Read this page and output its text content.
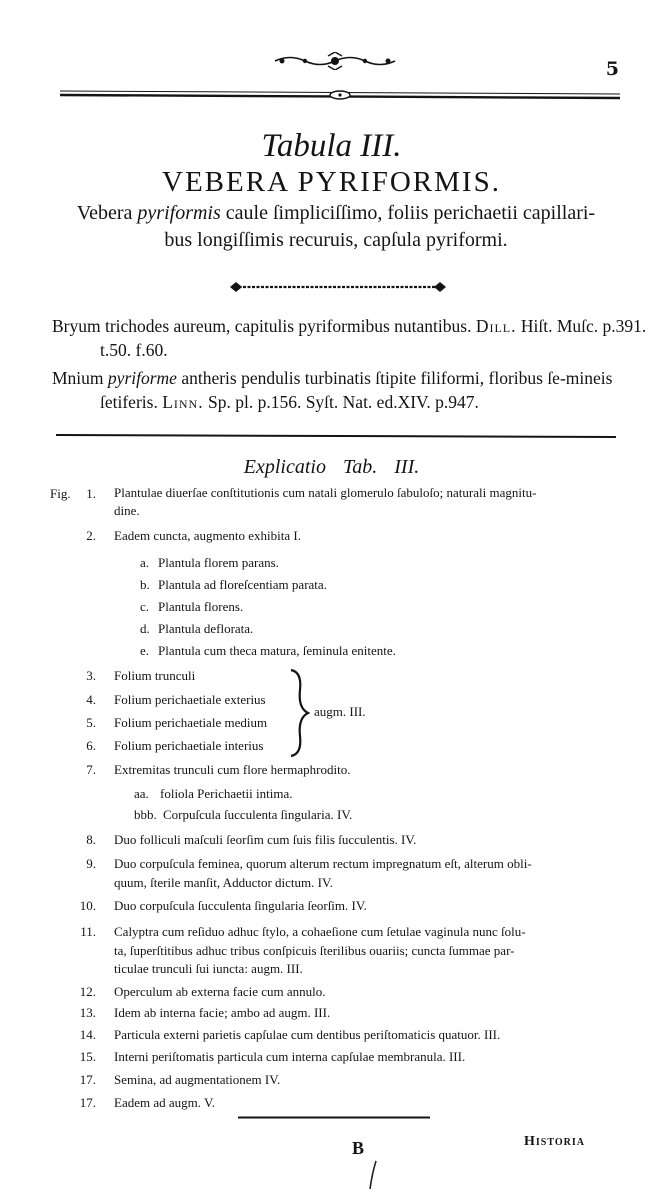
5
Tabula III.
VEBERA PYRIFORMIS.
Vebera pyriformis caule ſimpliciſſimo, foliis perichaetii capillari-
bus longiſſimis recuruis, capſula pyriformi.
Bryum trichodes aureum, capitulis pyriformibus nutantibus. Dill. Hiſt. Muſc. p.391. t.50. f.60.
Mnium pyriforme antheris pendulis turbinatis ſtipite filiformi, floribus ſe-mineis ſetiferis. Linn. Sp. pl. p.156. Syſt. Nat. ed.XIV. p.947.
Explicatio Tab. III.
Fig.	1. Plantulae diuerſae conſtitutionis cum natali glomerulo ſabuloſo; naturali magnitu-
dine.
2. Eadem cuncta, augmento exhibita I.
a. Plantula florem parans.
b. Plantula ad floreſcentiam parata.
c. Plantula florens.
d. Plantula deflorata.
e. Plantula cum theca matura, ſeminula enitente.
3. Folium trunculi
4. Folium perichaetiale exterius
5. Folium perichaetiale medium
6. Folium perichaetiale interius
augm. III.
7. Extremitas trunculi cum flore hermaphrodito.
aa. foliola Perichaetii intima.
bbb. Corpuſcula ſucculenta ſingularia. IV.
8. Duo folliculi maſculi ſeorſim cum ſuis filis ſucculentis. IV.
9. Duo corpuſcula feminea, quorum alterum rectum impregnatum eſt, alterum obli-
quum, ſterile manſit, Adductor dictum. IV.
10. Duo corpuſcula ſucculenta ſingularia ſeorſim. IV.
11. Calyptra cum reſiduo adhuc ſtylo, a cohaeſione cum ſetulae vaginula nunc ſolu-
ta, ſuperſtitibus adhuc tribus conſpicuis ſterilibus ouariis; cuncta ſummae par-
ticulae trunculi ſui iuncta: augm. III.
12. Operculum ab externa facie cum annulo.
13. Idem ab interna facie; ambo ad augm. III.
14. Particula externi parietis capſulae cum dentibus periſtomaticis quatuor. III.
15. Interni periſtomatis particula cum interna capſulae membranula. III.
17. Semina, ad augmentationem IV.
17. Eadem ad augm. V.
B	Historia
